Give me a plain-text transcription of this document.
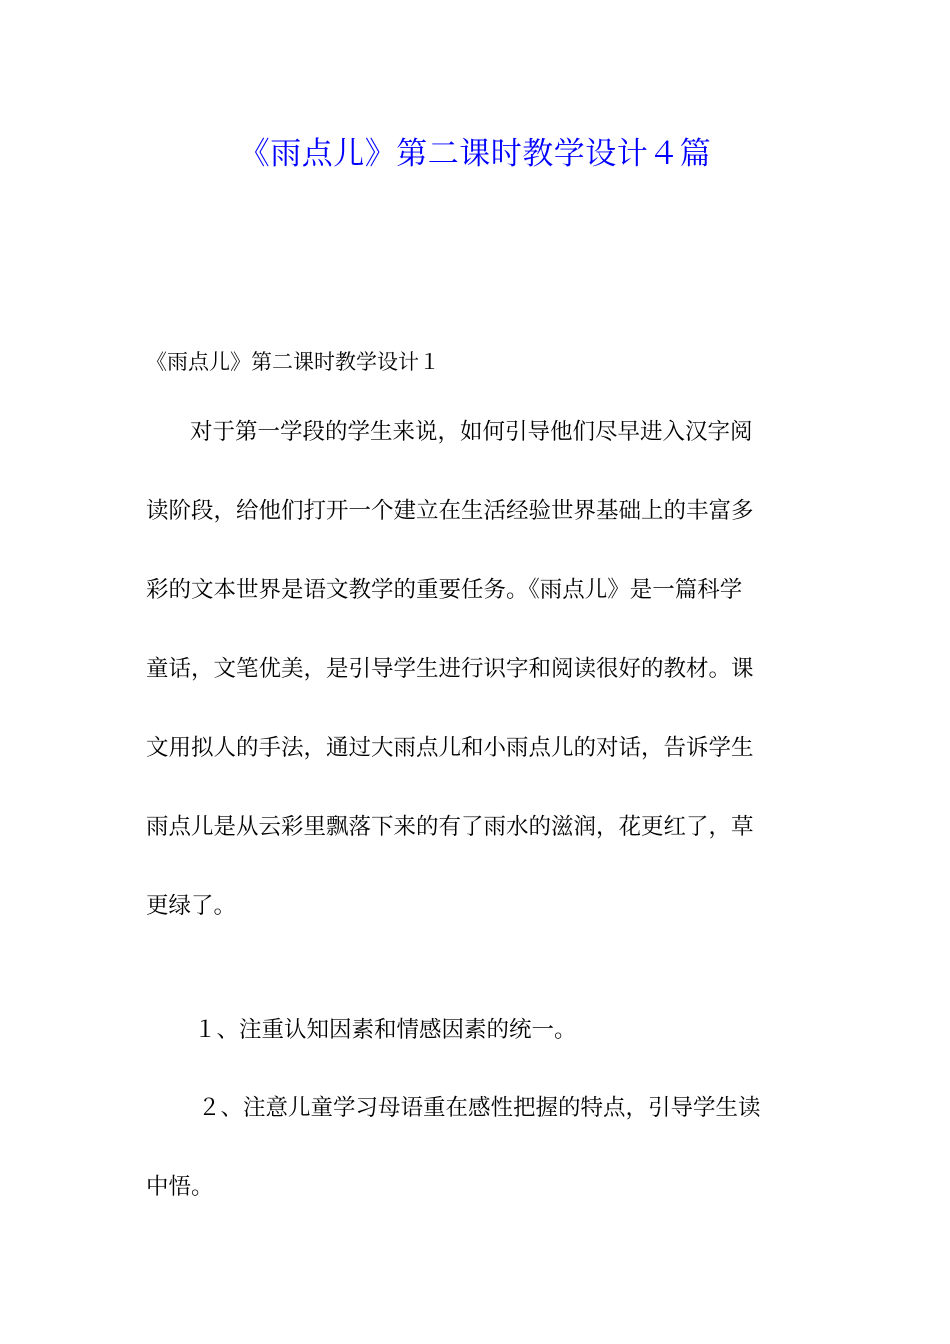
《雨点儿》第二课时教学设计４篇
《雨点儿》第二课时教学设计１
对于第一学段的学生来说，如何引导他们尽早进入汉字阅
读阶段，给他们打开一个建立在生活经验世界基础上的丰富多
彩的文本世界是语文教学的重要任务。《雨点儿》是一篇科学
童话，文笔优美，是引导学生进行识字和阅读很好的教材。课
文用拟人的手法，通过大雨点儿和小雨点儿的对话，告诉学生
雨点儿是从云彩里飘落下来的有了雨水的滋润，花更红了，草
更绿了。

１、注重认知因素和情感因素的统一。

２、注意儿童学习母语重在感性把握的特点，引导学生读
中悟。
